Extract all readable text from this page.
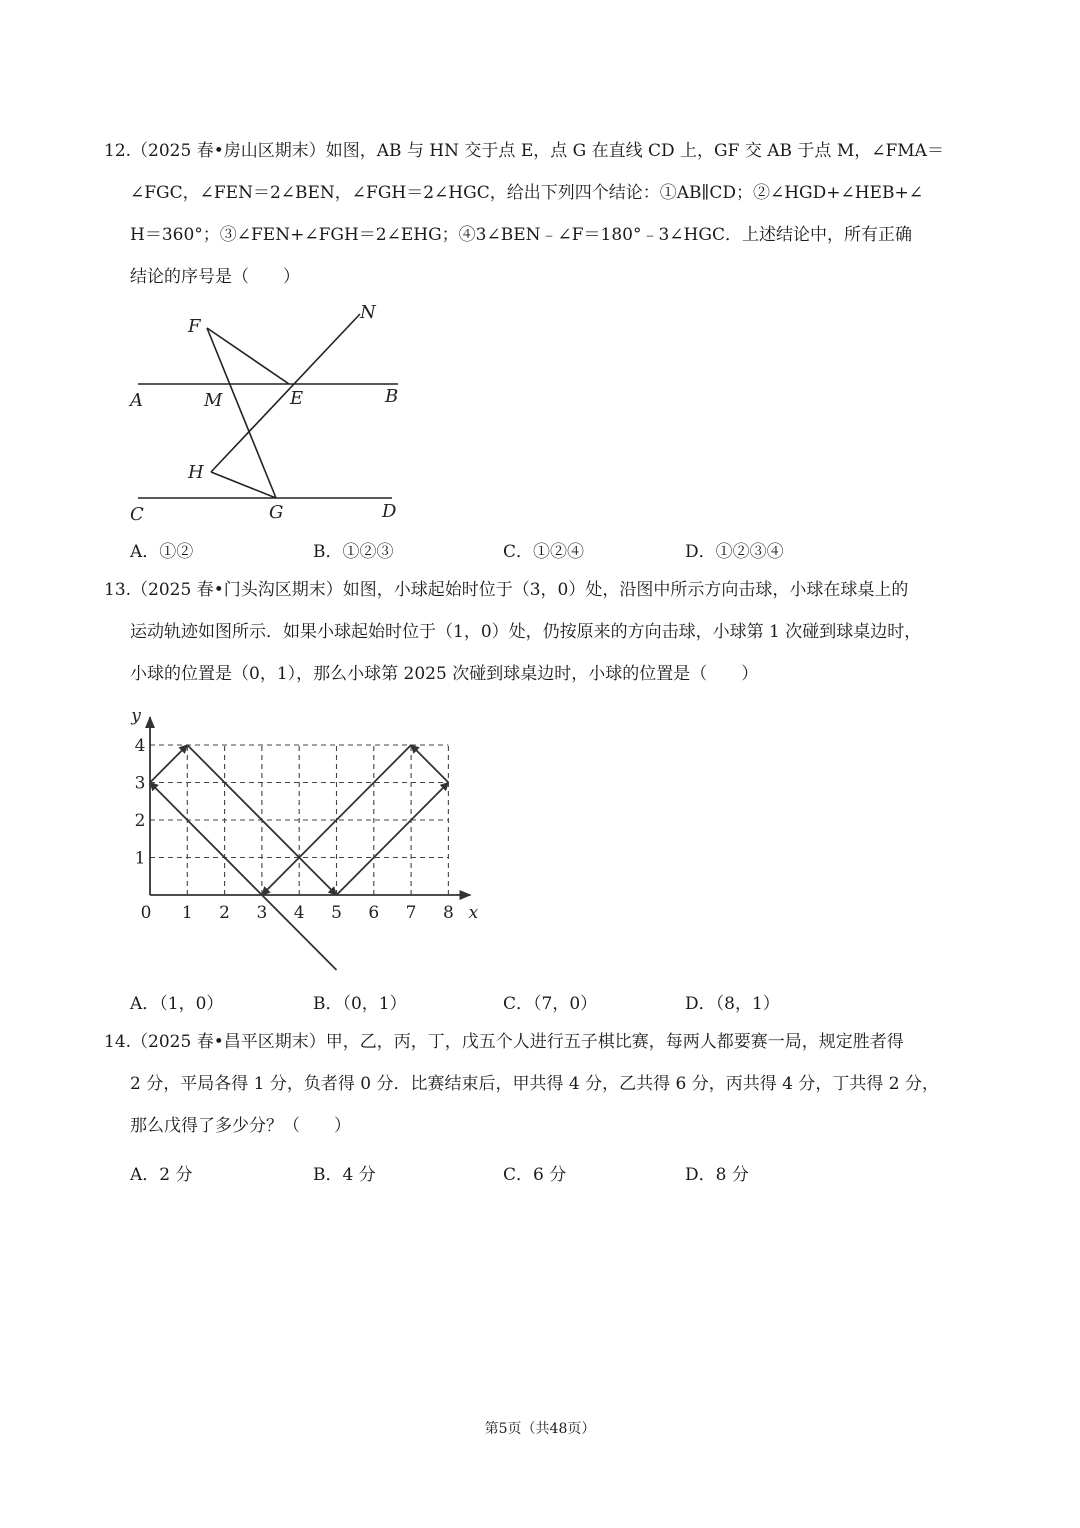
12.（2025 春•房山区期末）如图，AB 与 HN 交于点 E，点 G 在直线 CD 上，GF 交 AB 于点 M，∠FMA＝

∠FGC，∠FEN＝2∠BEN，∠FGH＝2∠HGC，给出下列四个结论：①AB∥CD；②∠HGD+∠HEB+∠

H＝360°；③∠FEN+∠FGH＝2∠EHG；④3∠BEN﹣∠F＝180°﹣3∠HGC．上述结论中，所有正确

结论的序号是（　　）

F
N
A	M	E	B
H
C	G	D
A．①②	B．①②③	C．①②④	D．①②③④

13.（2025 春•门头沟区期末）如图，小球起始时位于（3，0）处，沿图中所示方向击球，小球在球桌上的

运动轨迹如图所示．如果小球起始时位于（1，0）处，仍按原来的方向击球，小球第 1 次碰到球桌边时，

小球的位置是（0，1），那么小球第 2025 次碰到球桌边时，小球的位置是（　　）

1 2 3 4 5 6 7 8
1
2
3
4
0	x
y
A．（1，0）	B．（0，1）	C．（7，0）	D．（8，1）

14.（2025 春•昌平区期末）甲，乙，丙，丁，戊五个人进行五子棋比赛，每两人都要赛一局，规定胜者得

2 分，平局各得 1 分，负者得 0 分．比赛结束后，甲共得 4 分，乙共得 6 分，丙共得 4 分，丁共得 2 分，

那么戊得了多少分？（　　）

A．2 分	B．4 分	C．6 分	D．8 分
第5页（共48页）
